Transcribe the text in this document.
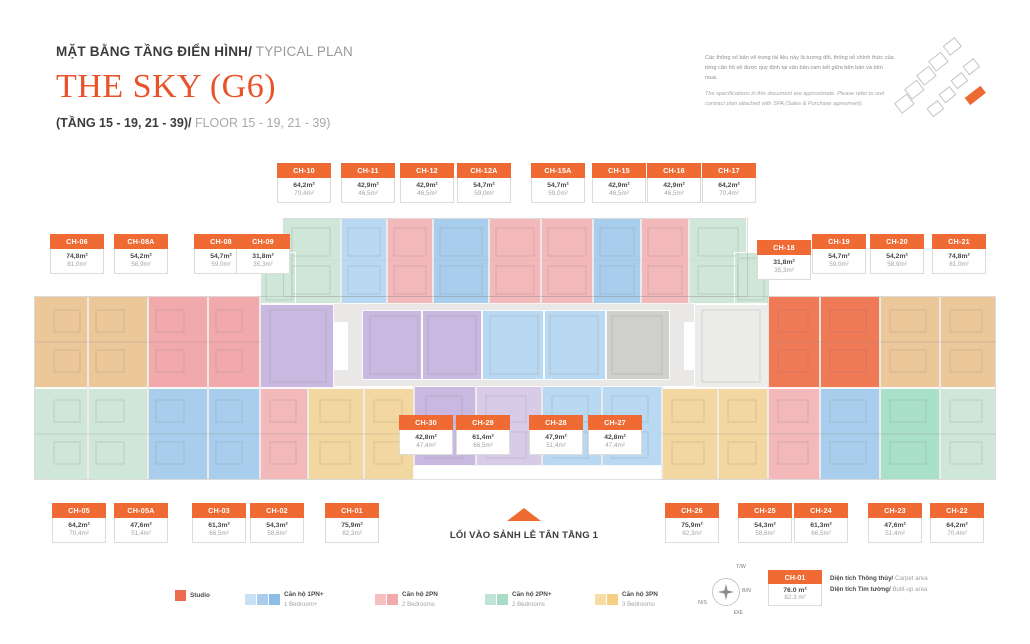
MẶT BẰNG TẦNG ĐIỂN HÌNH/ TYPICAL PLAN
THE SKY (G6)
(TẦNG 15 - 19, 21 - 39)/ FLOOR 15 - 19, 21 - 39)
Các thông số bản vẽ trong tài liệu này là tương đối, thông số chính thức của từng căn hộ sẽ được quy định tại văn bản cam kết giữa bên bán và bên mua.
The specifications in this document are approximate. Please refer to unit contract plan attached with SPA (Sales & Purchase agreement).
CH-10
64,2m²
70,4m²
CH-11
42,9m²
46,5m²
CH-12
42,9m²
46,5m²
CH-12A
54,7m²
59,0m²
CH-15A
54,7m²
59,0m²
CH-15
42,9m²
46,5m²
CH-16
42,9m²
46,5m²
CH-17
64,2m²
70,4m²
CH-06
74,8m²
81,0m²
CH-08A
54,2m²
58,9m²
CH-08
54,7m²
59,0m²
CH-09
31,8m²
35,3m²
CH-18
31,8m²
35,3m²
CH-19
54,7m²
59,0m²
CH-20
54,2m²
58,9m²
CH-21
74,8m²
81,0m²
CH-30
42,8m²
47,4m²
CH-29
61,4m²
66,5m²
CH-28
47,9m²
51,4m²
CH-27
42,8m²
47,4m²
CH-05
64,2m²
70,4m²
CH-05A
47,6m²
51,4m²
CH-03
61,3m²
66,5m²
CH-02
54,3m²
58,6m²
CH-01
75,9m²
82,3m²
CH-26
75,9m²
82,3m²
CH-25
54,3m²
58,6m²
CH-24
61,3m²
66,5m²
CH-23
47,6m²
51,4m²
CH-22
64,2m²
70,4m²
LỐI VÀO SẢNH LỄ TÂN TẦNG 1
Studio	Căn hộ 1PN+
1 Bedroom+
Căn hộ 2PN
2 Bedrooms
Căn hộ 2PN+
2 Bedrooms
Căn hộ 3PN
3 Bedrooms
T/W
B/N
Đ/E
N/S
CH-01
76.0 m²
82.3 m²
Diện tích Thông thủy/ Carpet area
Diện tích Tim tường/ Built-up area
